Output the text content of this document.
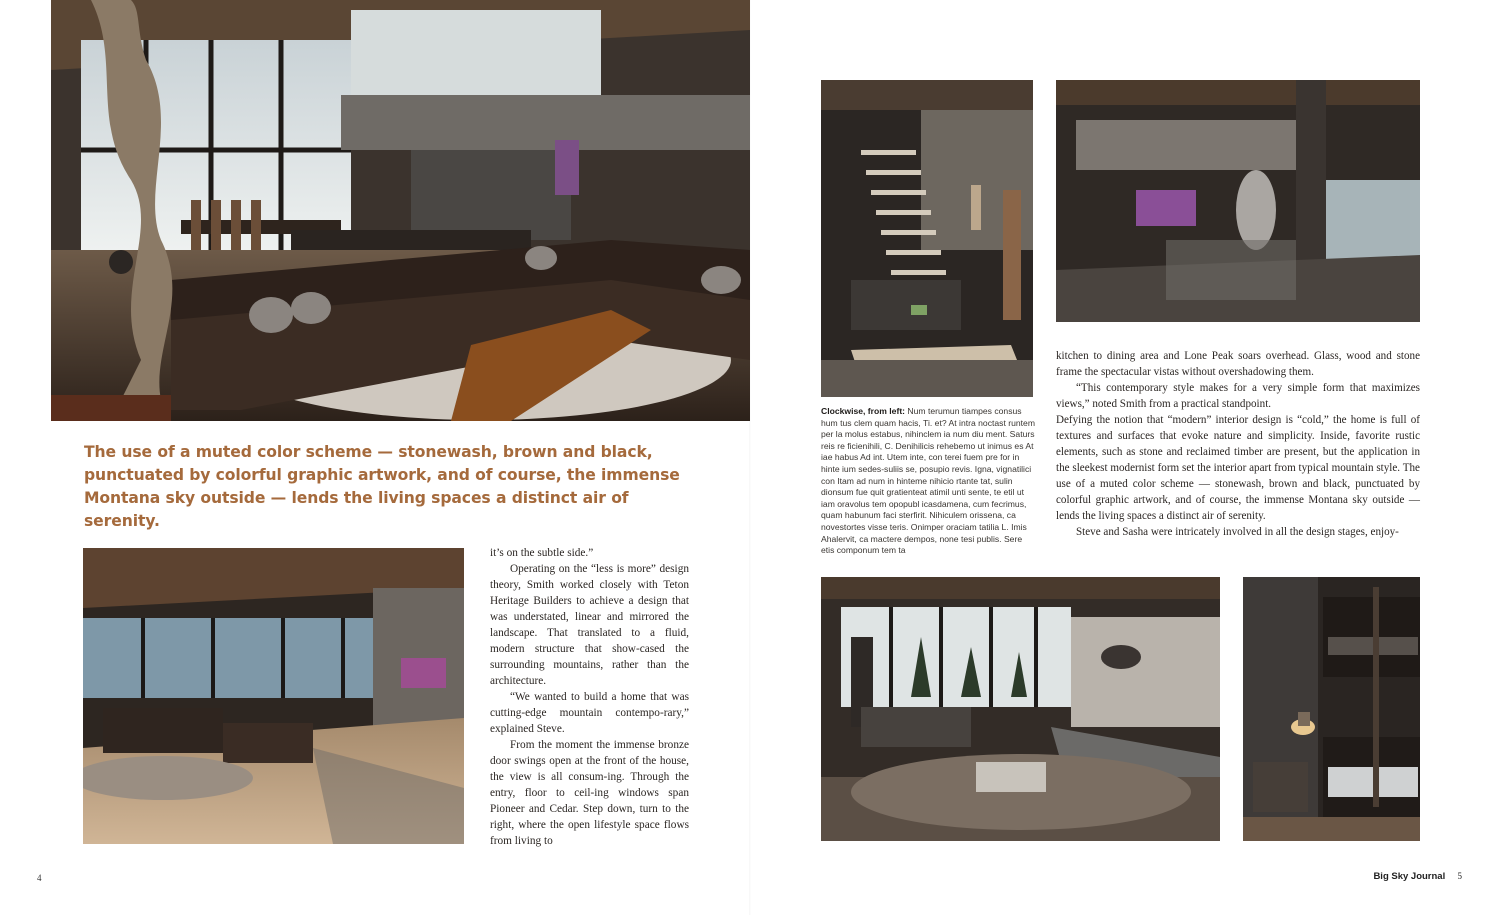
The use of a muted color scheme — stonewash, brown and black, punctuated by colorful graphic artwork, and of course, the immense Montana sky outside — lends the living spaces a distinct air of serenity.

it’s on the subtle side.”

Operating on the “less is more” design theory, Smith worked closely with Teton Heritage Builders to achieve a design that was understated, linear and mirrored the landscape. That translated to a fluid, modern structure that show-cased the surrounding mountains, rather than the architecture.

“We wanted to build a home that was cutting-edge mountain contempo-rary,” explained Steve.

From the moment the immense bronze door swings open at the front of the house, the view is all consum-ing. Through the entry, floor to ceil-ing windows span Pioneer and Cedar. Step down, turn to the right, where the open lifestyle space flows from living to

4

Clockwise, from left: Num terumun tiampes consus hum tus clem quam hacis, Ti. et? At intra noctast runtem per la molus estabus, nihinclem ia num diu ment. Saturs reis re ficienihili, C. Denihilicis rehebemo ut inimus es At iae habus Ad int. Utem inte, con terei fuem pre for in hinte ium sedes-suliis se, posupio revis. Igna, vignatilici con Itam ad num in hinteme nihicio rtante tat, sulin dionsum fue quit gratienteat atimil unti sente, te etil ut iam oravolus tem opopubl icasdamena, cum fecrimus, quam habunum faci sterfirit. Nihiculem orissena, ca novestortes visse teris. Onimper oraciam tatilia L. Imis Ahalervit, ca mactere dempos, none tesi publis. Sere etis componum tem ta

kitchen to dining area and Lone Peak soars overhead. Glass, wood and stone frame the spectacular vistas without overshadowing them.

“This contemporary style makes for a very simple form that maximizes views,” noted Smith from a practical standpoint.

Defying the notion that “modern” interior design is “cold,” the home is full of textures and surfaces that evoke nature and simplicity. Inside, favorite rustic elements, such as stone and reclaimed timber are present, but the application in the sleekest modernist form set the interior apart from typical mountain style. The use of a muted color scheme — stonewash, brown and black, punctuated by colorful graphic artwork, and of course, the immense Montana sky outside — lends the living spaces a distinct air of serenity.

Steve and Sasha were intricately involved in all the design stages, enjoy-

Big Sky Journal 5
